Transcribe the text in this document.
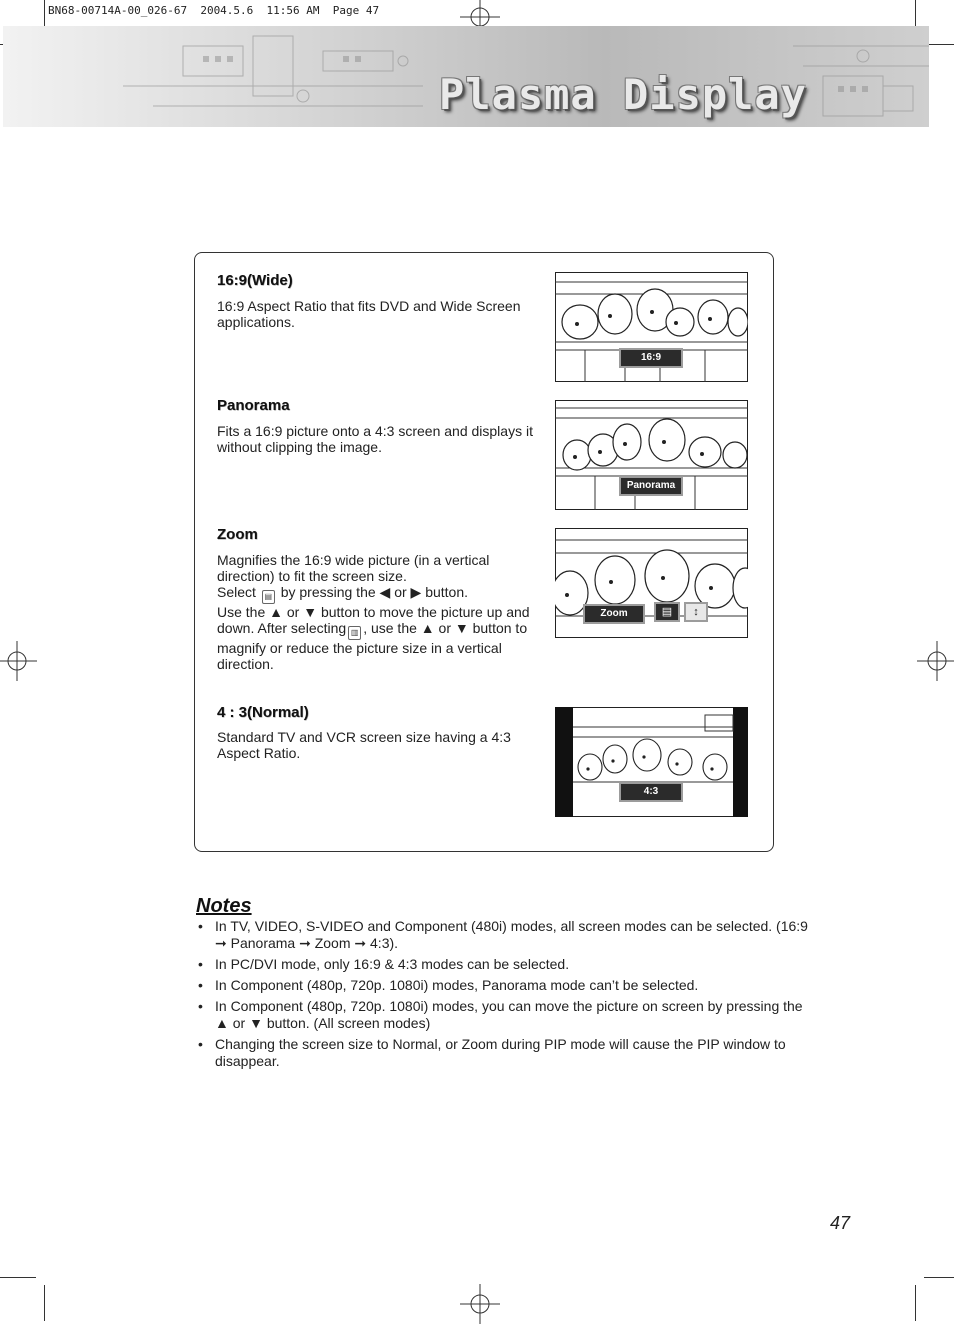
BN68-00714A-00_026-67  2004.5.6  11:56 AM  Page 47
Plasma Display
16:9(Wide)
16:9 Aspect Ratio that fits DVD and Wide Screen applications.
16:9
Panorama
Fits a 16:9 picture onto a 4:3 screen and displays it without clipping the image.
Panorama
Zoom
Magnifies the 16:9 wide picture (in a vertical direction) to fit the screen size.
Select ▤ by pressing the ◀ or ▶ button.
Use the ▲ or ▼ button to move the picture up and down. After selecting ▥ , use the ▲ or ▼ button to magnify or reduce the picture size in a vertical direction.
Zoom	▤	↕
4 : 3(Normal)
Standard TV and VCR screen size having a 4:3 Aspect Ratio.
4:3
Notes
• In TV, VIDEO, S-VIDEO and Component (480i) modes, all screen modes can be selected. (16:9 ➞ Panorama ➞ Zoom ➞ 4:3).
• In PC/DVI mode, only 16:9 & 4:3 modes can be selected.
• In Component (480p, 720p. 1080i) modes, Panorama mode can’t be selected.
• In Component (480p, 720p. 1080i) modes, you can move the picture on screen by pressing the ▲ or ▼ button. (All screen modes)
• Changing the screen size to Normal, or Zoom during PIP mode will cause the PIP window to disappear.
47
